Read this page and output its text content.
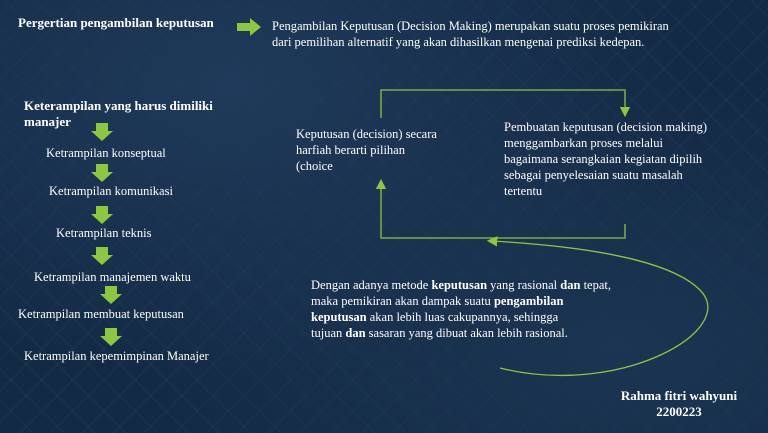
Pergertian pengambilan keputusan	Pengambilan Keputusan (Decision Making) merupakan suatu proses pemikiran
dari pemilihan alternatif yang akan dihasilkan mengenai prediksi kedepan.
Keterampilan yang harus dimiliki
manajer
Ketrampilan konseptual
Ketrampilan komunikasi
Ketrampilan teknis
Ketrampilan manajemen waktu
Ketrampilan membuat keputusan
Ketrampilan kepemimpinan Manajer
Keputusan (decision) secara
harfiah berarti pilihan
(choice
Pembuatan keputusan (decision making)
menggambarkan proses melalui
bagaimana serangkaian kegiatan dipilih
sebagai penyelesaian suatu masalah
tertentu
Dengan adanya metode keputusan yang rasional dan tepat,
maka pemikiran akan dampak suatu pengambilan
keputusan akan lebih luas cakupannya, sehingga
tujuan dan sasaran yang dibuat akan lebih rasional.
Rahma fitri wahyuni
2200223
